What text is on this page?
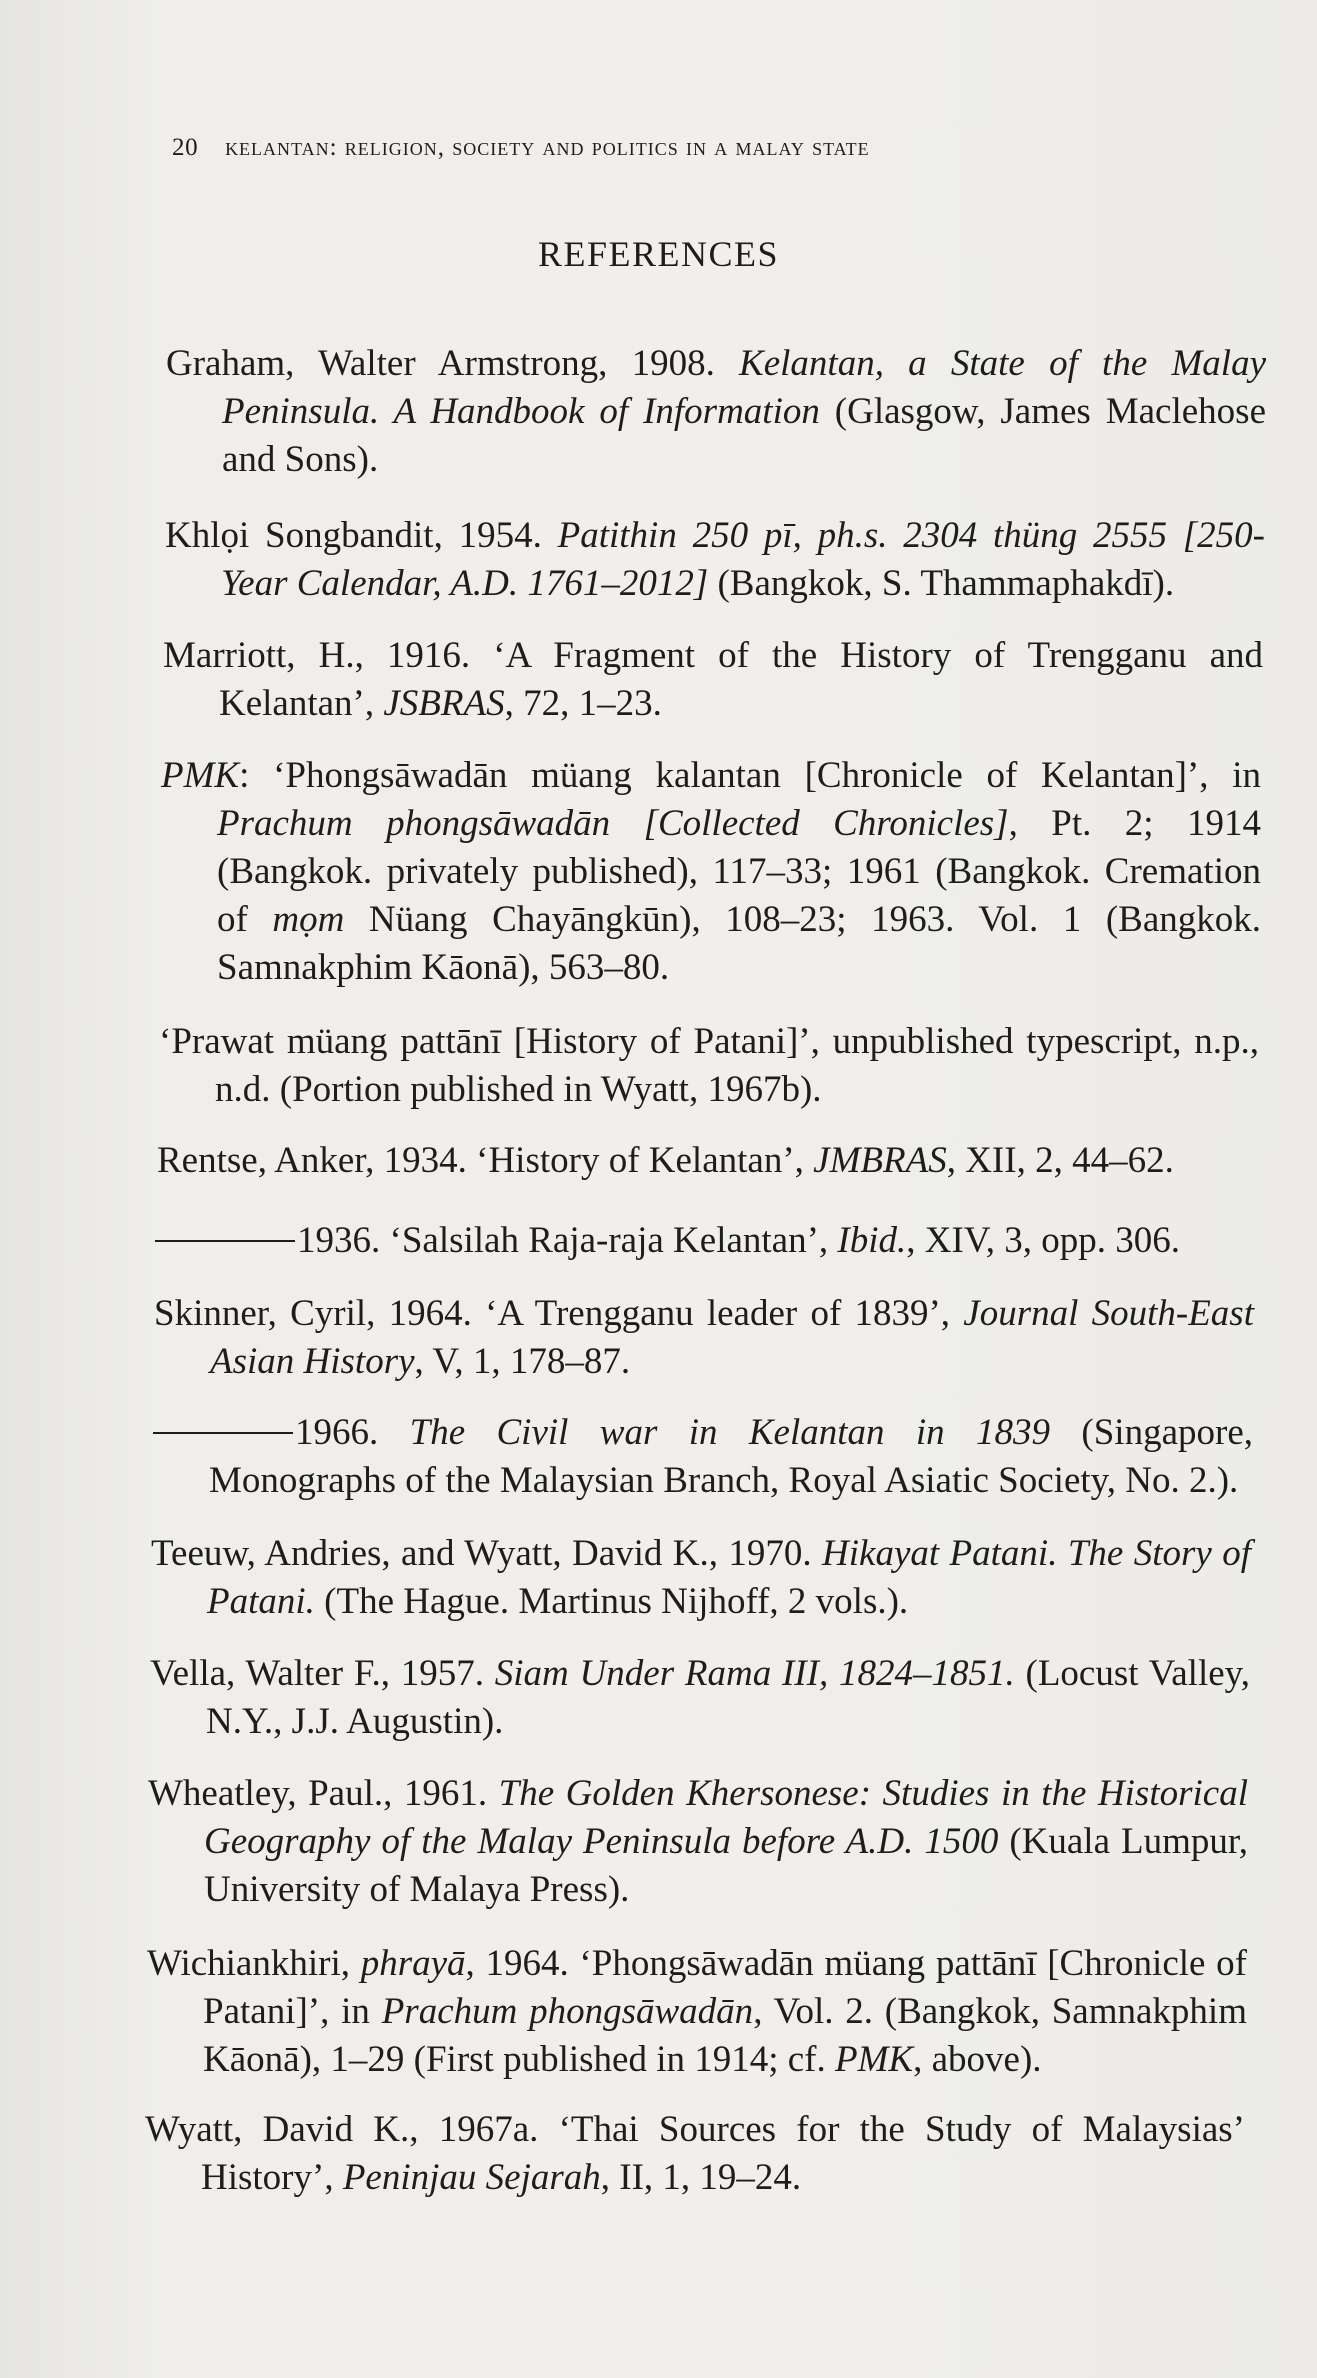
20 kelantan: religion, society and politics in a malay state
REFERENCES
Graham, Walter Armstrong, 1908. Kelantan, a State of the Malay Peninsula. A Handbook of Information (Glasgow, James Maclehose and Sons).
Khlọi Songbandit, 1954. Patithin 250 pī, ph.s. 2304 thüng 2555 [250-Year Calendar, A.D. 1761–2012] (Bangkok, S. Thammaphakdī).
Marriott, H., 1916. ‘A Fragment of the History of Trengganu and Kelantan’, JSBRAS, 72, 1–23.
PMK: ‘Phongsāwadān müang kalantan [Chronicle of Kelantan]’, in Prachum phongsāwadān [Collected Chronicles], Pt. 2; 1914 (Bangkok. privately published), 117–33; 1961 (Bangkok. Cremation of mọm Nüang Chayāngkūn), 108–23; 1963. Vol. 1 (Bangkok. Samnakphim Kāonā), 563–80.
‘Prawat müang pattānī [History of Patani]’, unpublished typescript, n.p., n.d. (Portion published in Wyatt, 1967b).
Rentse, Anker, 1934. ‘History of Kelantan’, JMBRAS, XII, 2, 44–62.
1936. ‘Salsilah Raja-raja Kelantan’, Ibid., XIV, 3, opp. 306.
Skinner, Cyril, 1964. ‘A Trengganu leader of 1839’, Journal South-East Asian History, V, 1, 178–87.
1966. The Civil war in Kelantan in 1839 (Singapore, Monographs of the Malaysian Branch, Royal Asiatic Society, No. 2.).
Teeuw, Andries, and Wyatt, David K., 1970. Hikayat Patani. The Story of Patani. (The Hague. Martinus Nijhoff, 2 vols.).
Vella, Walter F., 1957. Siam Under Rama III, 1824–1851. (Locust Valley, N.Y., J.J. Augustin).
Wheatley, Paul., 1961. The Golden Khersonese: Studies in the Historical Geography of the Malay Peninsula before A.D. 1500 (Kuala Lumpur, University of Malaya Press).
Wichiankhiri, phrayā, 1964. ‘Phongsāwadān müang pattānī [Chronicle of Patani]’, in Prachum phongsāwadān, Vol. 2. (Bangkok, Samnakphim Kāonā), 1–29 (First published in 1914; cf. PMK, above).
Wyatt, David K., 1967a. ‘Thai Sources for the Study of Malaysias’ History’, Peninjau Sejarah, II, 1, 19–24.
